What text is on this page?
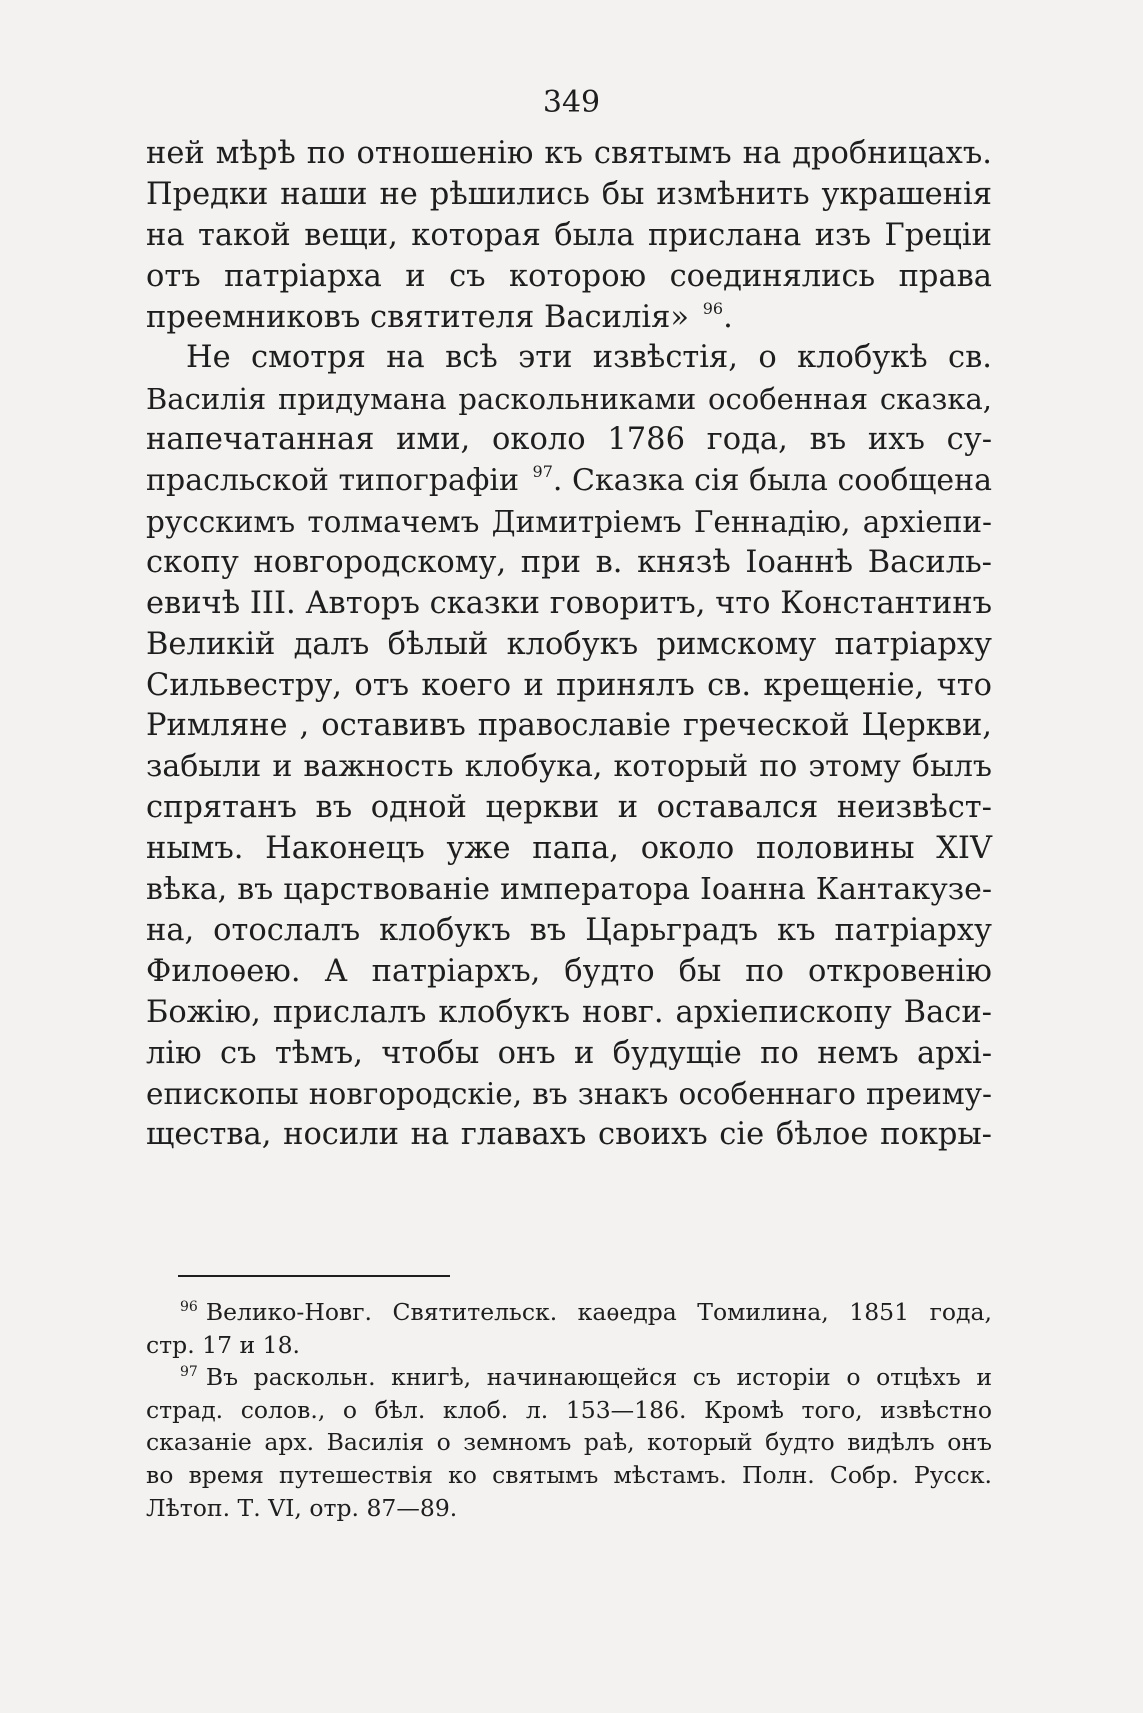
349
ней мѣрѣ по отношенію къ святымъ на дробницахъ.
Предки наши не рѣшились бы измѣнить украшенія
на такой вещи, которая была прислана изъ Греціи
отъ патріарха и съ которою соединялись права
преемниковъ святителя Василія» $^{96}$.
Не смотря на всѣ эти извѣстія, о клобукѣ св.
Василія придумана раскольниками особенная сказка,
напечатанная ими, около 1786 года, въ ихъ су-
прасльской типографіи $^{97}$. Сказка сія была сообщена
русскимъ толмачемъ Димитріемъ Геннадію, архіепи-
скопу новгородскому, при в. князѣ Іоаннѣ Василь-
евичѣ III. Авторъ сказки говоритъ, что Константинъ
Великій далъ бѣлый клобукъ римскому патріарху
Сильвестру, отъ коего и принялъ св. крещеніе, что
Римляне , оставивъ православіе греческой Церкви,
забыли и важность клобука, который по этому былъ
спрятанъ въ одной церкви и оставался неизвѣст-
нымъ. Наконецъ уже папа, около половины XIV
вѣка, въ царствованіе императора Іоанна Кантакузе-
на, отослалъ клобукъ въ Царьградъ къ патріарху
Филоѳею. А патріархъ, будто бы по откровенію
Божію, прислалъ клобукъ новг. архіепископу Васи-
лію съ тѣмъ, чтобы онъ и будущіе по немъ архі-
епископы новгородскіе, въ знакъ особеннаго преиму-
щества, носили на главахъ своихъ сіе бѣлое покры-
$^{96}$ Велико-Новг. Святительск. каѳедра Томилина, 1851 года,
стр. 17 и 18.
$^{97}$ Въ раскольн. книгѣ, начинающейся съ исторіи о отцѣхъ и
страд. солов., о бѣл. клоб. л. 153—186. Кромѣ того, извѣстно
сказаніе арх. Василія о земномъ раѣ, который будто видѣлъ онъ
во время путешествія ко святымъ мѣстамъ. Полн. Собр. Русск.
Лѣтоп. Т. VI, отр. 87—89.
